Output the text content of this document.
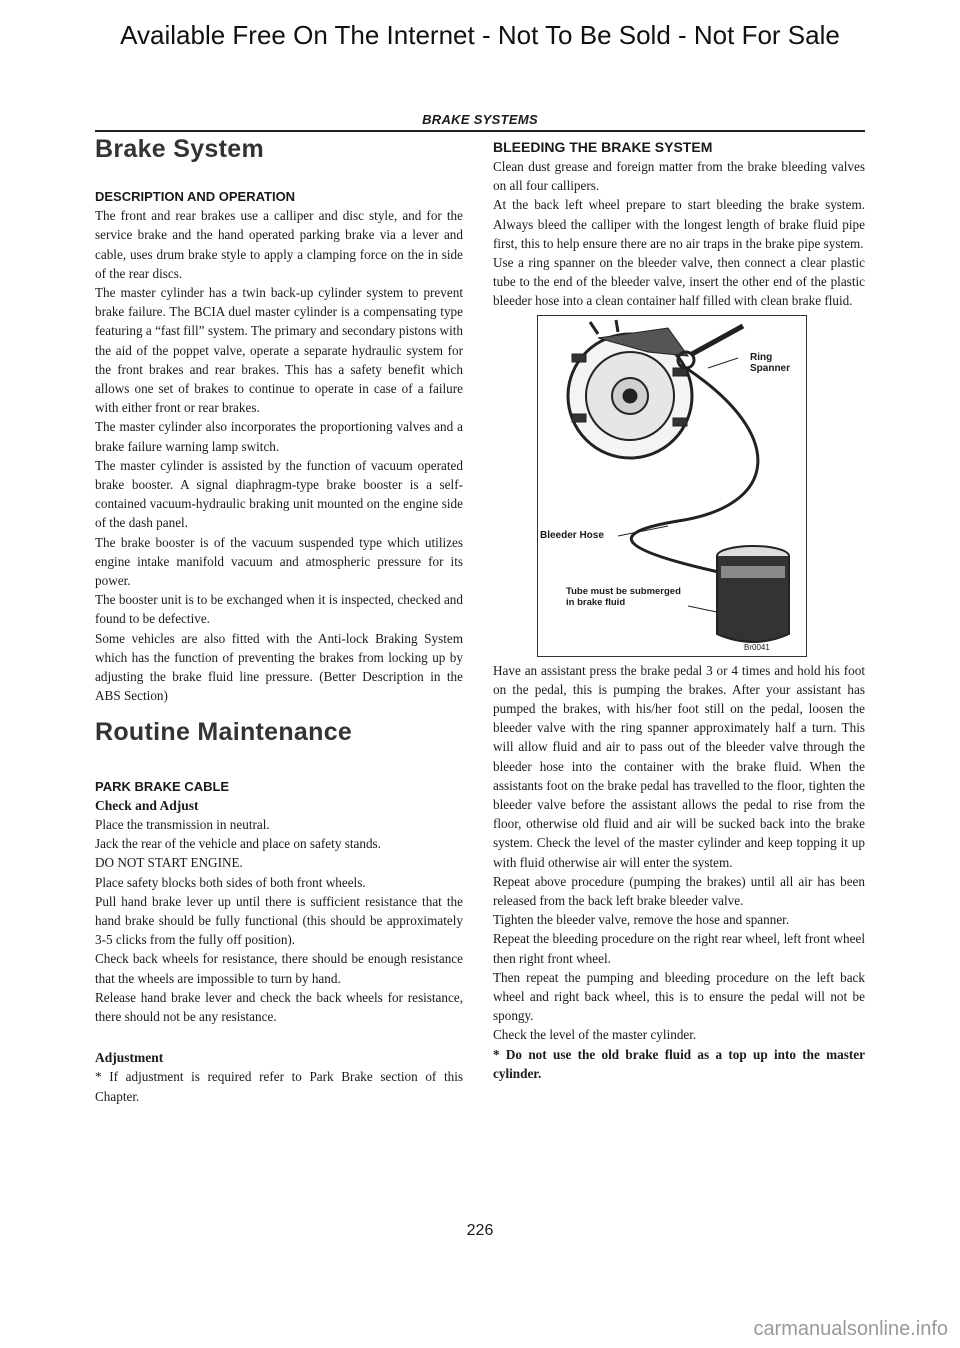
Available Free On The Internet - Not To Be Sold - Not For Sale
BRAKE SYSTEMS
Brake System
DESCRIPTION AND OPERATION

The front and rear brakes use a calliper and disc style, and for the service brake and the hand operated parking brake via a lever and cable, uses drum brake style to apply a clamping force on the in side of the rear discs.

The master cylinder has a twin back-up cylinder system to prevent brake failure. The BCIA duel master cylinder is a compensating type featuring a “fast fill” system. The primary and secondary pistons with the aid of the poppet valve, operate a separate hydraulic system for the front brakes and rear brakes. This has a safety benefit which allows one set of brakes to continue to operate in case of a failure with either front or rear brakes.

The master cylinder also incorporates the proportioning valves and a brake failure warning lamp switch.

The master cylinder is assisted by the function of vacuum operated brake booster. A signal diaphragm-type brake booster is a self-contained vacuum-hydraulic braking unit mounted on the engine side of the dash panel.

The brake booster is of the vacuum suspended type which utilizes engine intake manifold vacuum and atmospheric pressure for its power.

The booster unit is to be exchanged when it is inspected, checked and found to be defective.

Some vehicles are also fitted with the Anti-lock Braking System which has the function of preventing the brakes from locking up by adjusting the brake fluid line pressure. (Better Description in the ABS Section)

Routine Maintenance
PARK BRAKE CABLE
Check and Adjust

Place the transmission in neutral.

Jack the rear of the vehicle and place on safety stands.

DO NOT START ENGINE.

Place safety blocks both sides of both front wheels.

Pull hand brake lever up until there is sufficient resistance that the hand brake should be fully functional (this should be approximately 3-5 clicks from the fully off position).

Check back wheels for resistance, there should be enough resistance that the wheels are impossible to turn by hand.

Release hand brake lever and check the back wheels for resistance, there should not be any resistance.

Adjustment

* If adjustment is required refer to Park Brake section of this Chapter.

BLEEDING THE BRAKE SYSTEM

Clean dust grease and foreign matter from the brake bleeding valves on all four callipers.

At the back left wheel prepare to start bleeding the brake system. Always bleed the calliper with the longest length of brake fluid pipe first, this to help ensure there are no air traps in the brake pipe system.

Use a ring spanner on the bleeder valve, then connect a clear plastic tube to the end of the bleeder valve, insert the other end of the plastic bleeder hose into a clean container half filled with clean brake fluid.

Ring
Spanner
Bleeder Hose
Tube must be submerged
in brake fluid
Br0041

Have an assistant press the brake pedal 3 or 4 times and hold his foot on the pedal, this is pumping the brakes. After your assistant has pumped the brakes, with his/her foot still on the pedal, loosen the bleeder valve with the ring spanner approximately half a turn. This will allow fluid and air to pass out of the bleeder valve through the bleeder hose into the container with the brake fluid. When the assistants foot on the brake pedal has travelled to the floor, tighten the bleeder valve before the assistant allows the pedal to rise from the floor, otherwise old fluid and air will be sucked back into the brake system. Check the level of the master cylinder and keep topping it up with fluid otherwise air will enter the system.

Repeat above procedure (pumping the brakes) until all air has been released from the back left brake bleeder valve.

Tighten the bleeder valve, remove the hose and spanner.

Repeat the bleeding procedure on the right rear wheel, left front wheel then right front wheel.

Then repeat the pumping and bleeding procedure on the left back wheel and right back wheel, this is to ensure the pedal will not be spongy.

Check the level of the master cylinder.

* Do not use the old brake fluid as a top up into the master cylinder.

226
carmanualsonline.info
